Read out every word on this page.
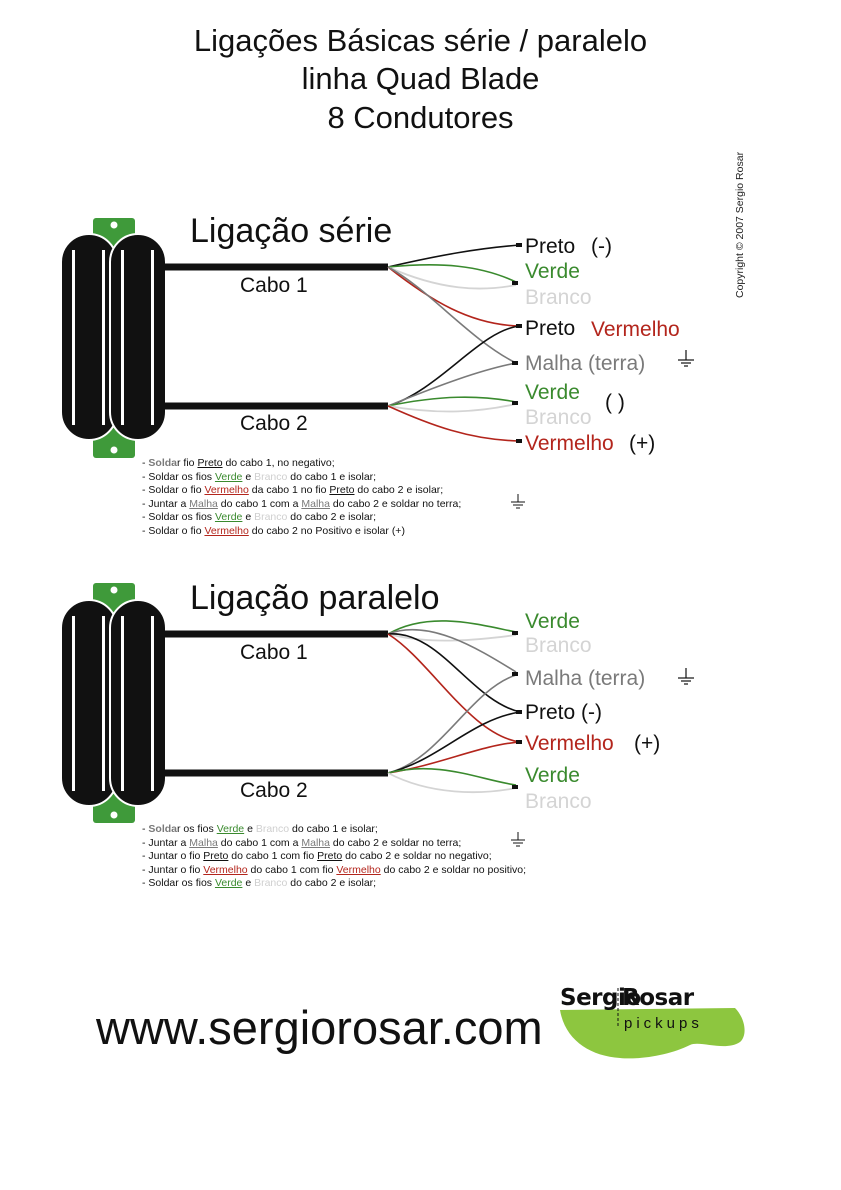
Ligações Básicas série / paralelo
linha Quad Blade
8 Condutores
Copyright © 2007 Sergio Rosar
Ligação série
Cabo 1
Cabo 2
Preto (-)
Verde
Branco
Preto Vermelho
Malha (terra)
Verde
Branco
( )
Vermelho (+)
- Soldar fio Preto do cabo 1, no negativo;
- Soldar os fios Verde e Branco do cabo 1 e isolar;
- Soldar o fio Vermelho da cabo 1 no fio Preto do cabo 2 e isolar;
- Juntar a Malha do cabo 1 com a Malha do cabo 2 e soldar no terra;
- Soldar os fios Verde e Branco do cabo 2 e isolar;
- Soldar o fio Vermelho do cabo 2 no Positivo e isolar (+)
Ligação paralelo
Cabo 1
Cabo 2
Verde
Branco
Malha (terra)
Preto (-)
Vermelho (+)
Verde
Branco
- Soldar os fios Verde e Branco do cabo 1 e isolar;
- Juntar a Malha do cabo 1 com a Malha do cabo 2 e soldar no terra;
- Juntar o fio Preto do cabo 1 com fio Preto do cabo 2 e soldar no negativo;
- Juntar o fio Vermelho do cabo 1 com fio Vermelho do cabo 2 e soldar no positivo;
- Soldar os fios Verde e Branco do cabo 2 e isolar;
www.sergiorosar.com
Sergio
Rosar
pickups
